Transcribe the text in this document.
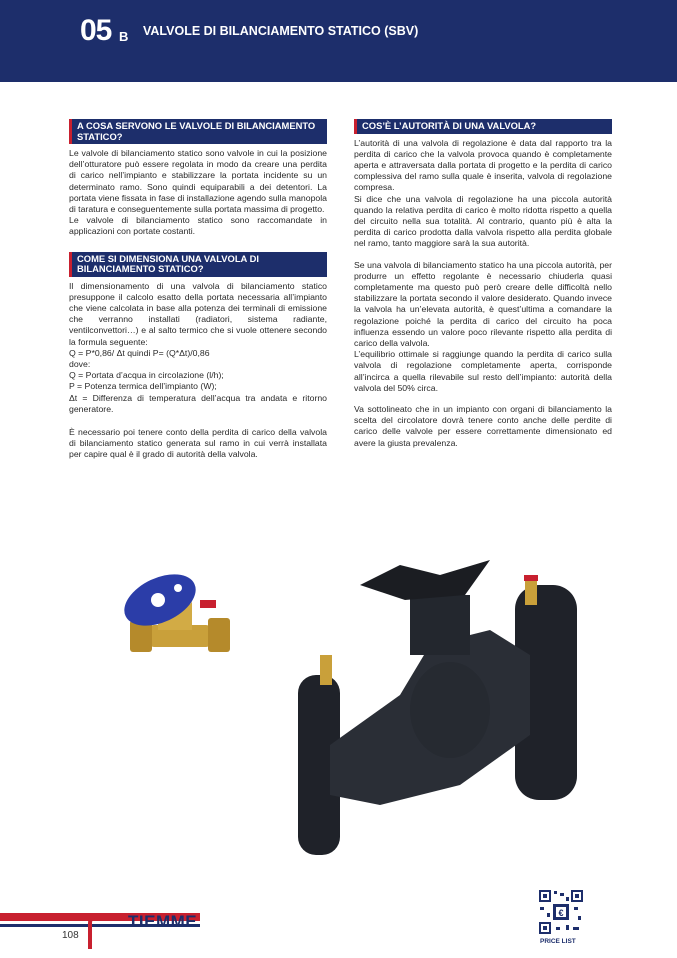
05 B VALVOLE DI BILANCIAMENTO STATICO (SBV)
A COSA SERVONO LE VALVOLE DI BILANCIAMENTO STATICO?

Le valvole di bilanciamento statico sono valvole in cui la posizione dell’otturatore può essere regolata in modo da creare una perdita di carico nell’impianto e stabilizzare la portata incidente su un determinato ramo. Sono quindi equiparabili a dei detentori. La portata viene fissata in fase di installazione agendo sulla manopola di taratura e conseguentemente sulla portata massima di progetto.

Le valvole di bilanciamento statico sono raccomandate in applicazioni con portate costanti.

COME SI DIMENSIONA UNA VALVOLA DI BILANCIAMENTO STATICO?

Il dimensionamento di una valvola di bilanciamento statico presuppone il calcolo esatto della portata necessaria all’impianto che viene calcolata in base alla potenza dei terminali di emissione che verranno installati (radiatori, sistema radiante, ventilconvettori…) e al salto termico che si vuole ottenere secondo la formula seguente:

Q = P*0,86/ Δt quindi P= (Q*Δt)/0,86

dove:

Q = Portata d’acqua in circolazione (l/h);

P = Potenza termica dell’impianto (W);

Δt = Differenza di temperatura dell’acqua tra andata e ritorno generatore.

È necessario poi tenere conto della perdita di carico della valvola di bilanciamento statico generata sul ramo in cui verrà installata per capire qual è il grado di autorità della valvola.

COS’È L’AUTORITÀ DI UNA VALVOLA?

L’autorità di una valvola di regolazione è data dal rapporto tra la perdita di carico che la valvola provoca quando è completamente aperta e attraversata dalla portata di progetto e la perdita di carico complessiva del ramo sulla quale è inserita, valvola di regolazione compresa.

Si dice che una valvola di regolazione ha una piccola autorità quando la relativa perdita di carico è molto ridotta rispetto a quella del circuito nella sua totalità. Al contrario, quanto più è alta la perdita di carico prodotta dalla valvola rispetto alla perdita globale nel ramo, tanto maggiore sarà la sua autorità.

Se una valvola di bilanciamento statico ha una piccola autorità, per produrre un effetto regolante è necessario chiuderla quasi completamente ma questo può però creare delle difficoltà nello stabilizzare la portata secondo il valore desiderato. Quando invece la valvola ha un’elevata autorità, è quest’ultima a comandare la regolazione poiché la perdita di carico del circuito ha poca influenza essendo un valore poco rilevante rispetto alla perdita di carico della valvola.

L’equilibrio ottimale si raggiunge quando la perdita di carico sulla valvola di regolazione completamente aperta, corrisponde all’incirca a quella rilevabile sul resto dell’impianto: autorità della valvola del 50% circa.

Va sottolineato che in un impianto con organi di bilanciamento la scelta del circolatore dovrà tenere conto anche delle perdite di carico delle valvole per essere correttamente dimensionato ed avere la giusta prevalenza.

TIEMME
108
€
PRICE LIST
